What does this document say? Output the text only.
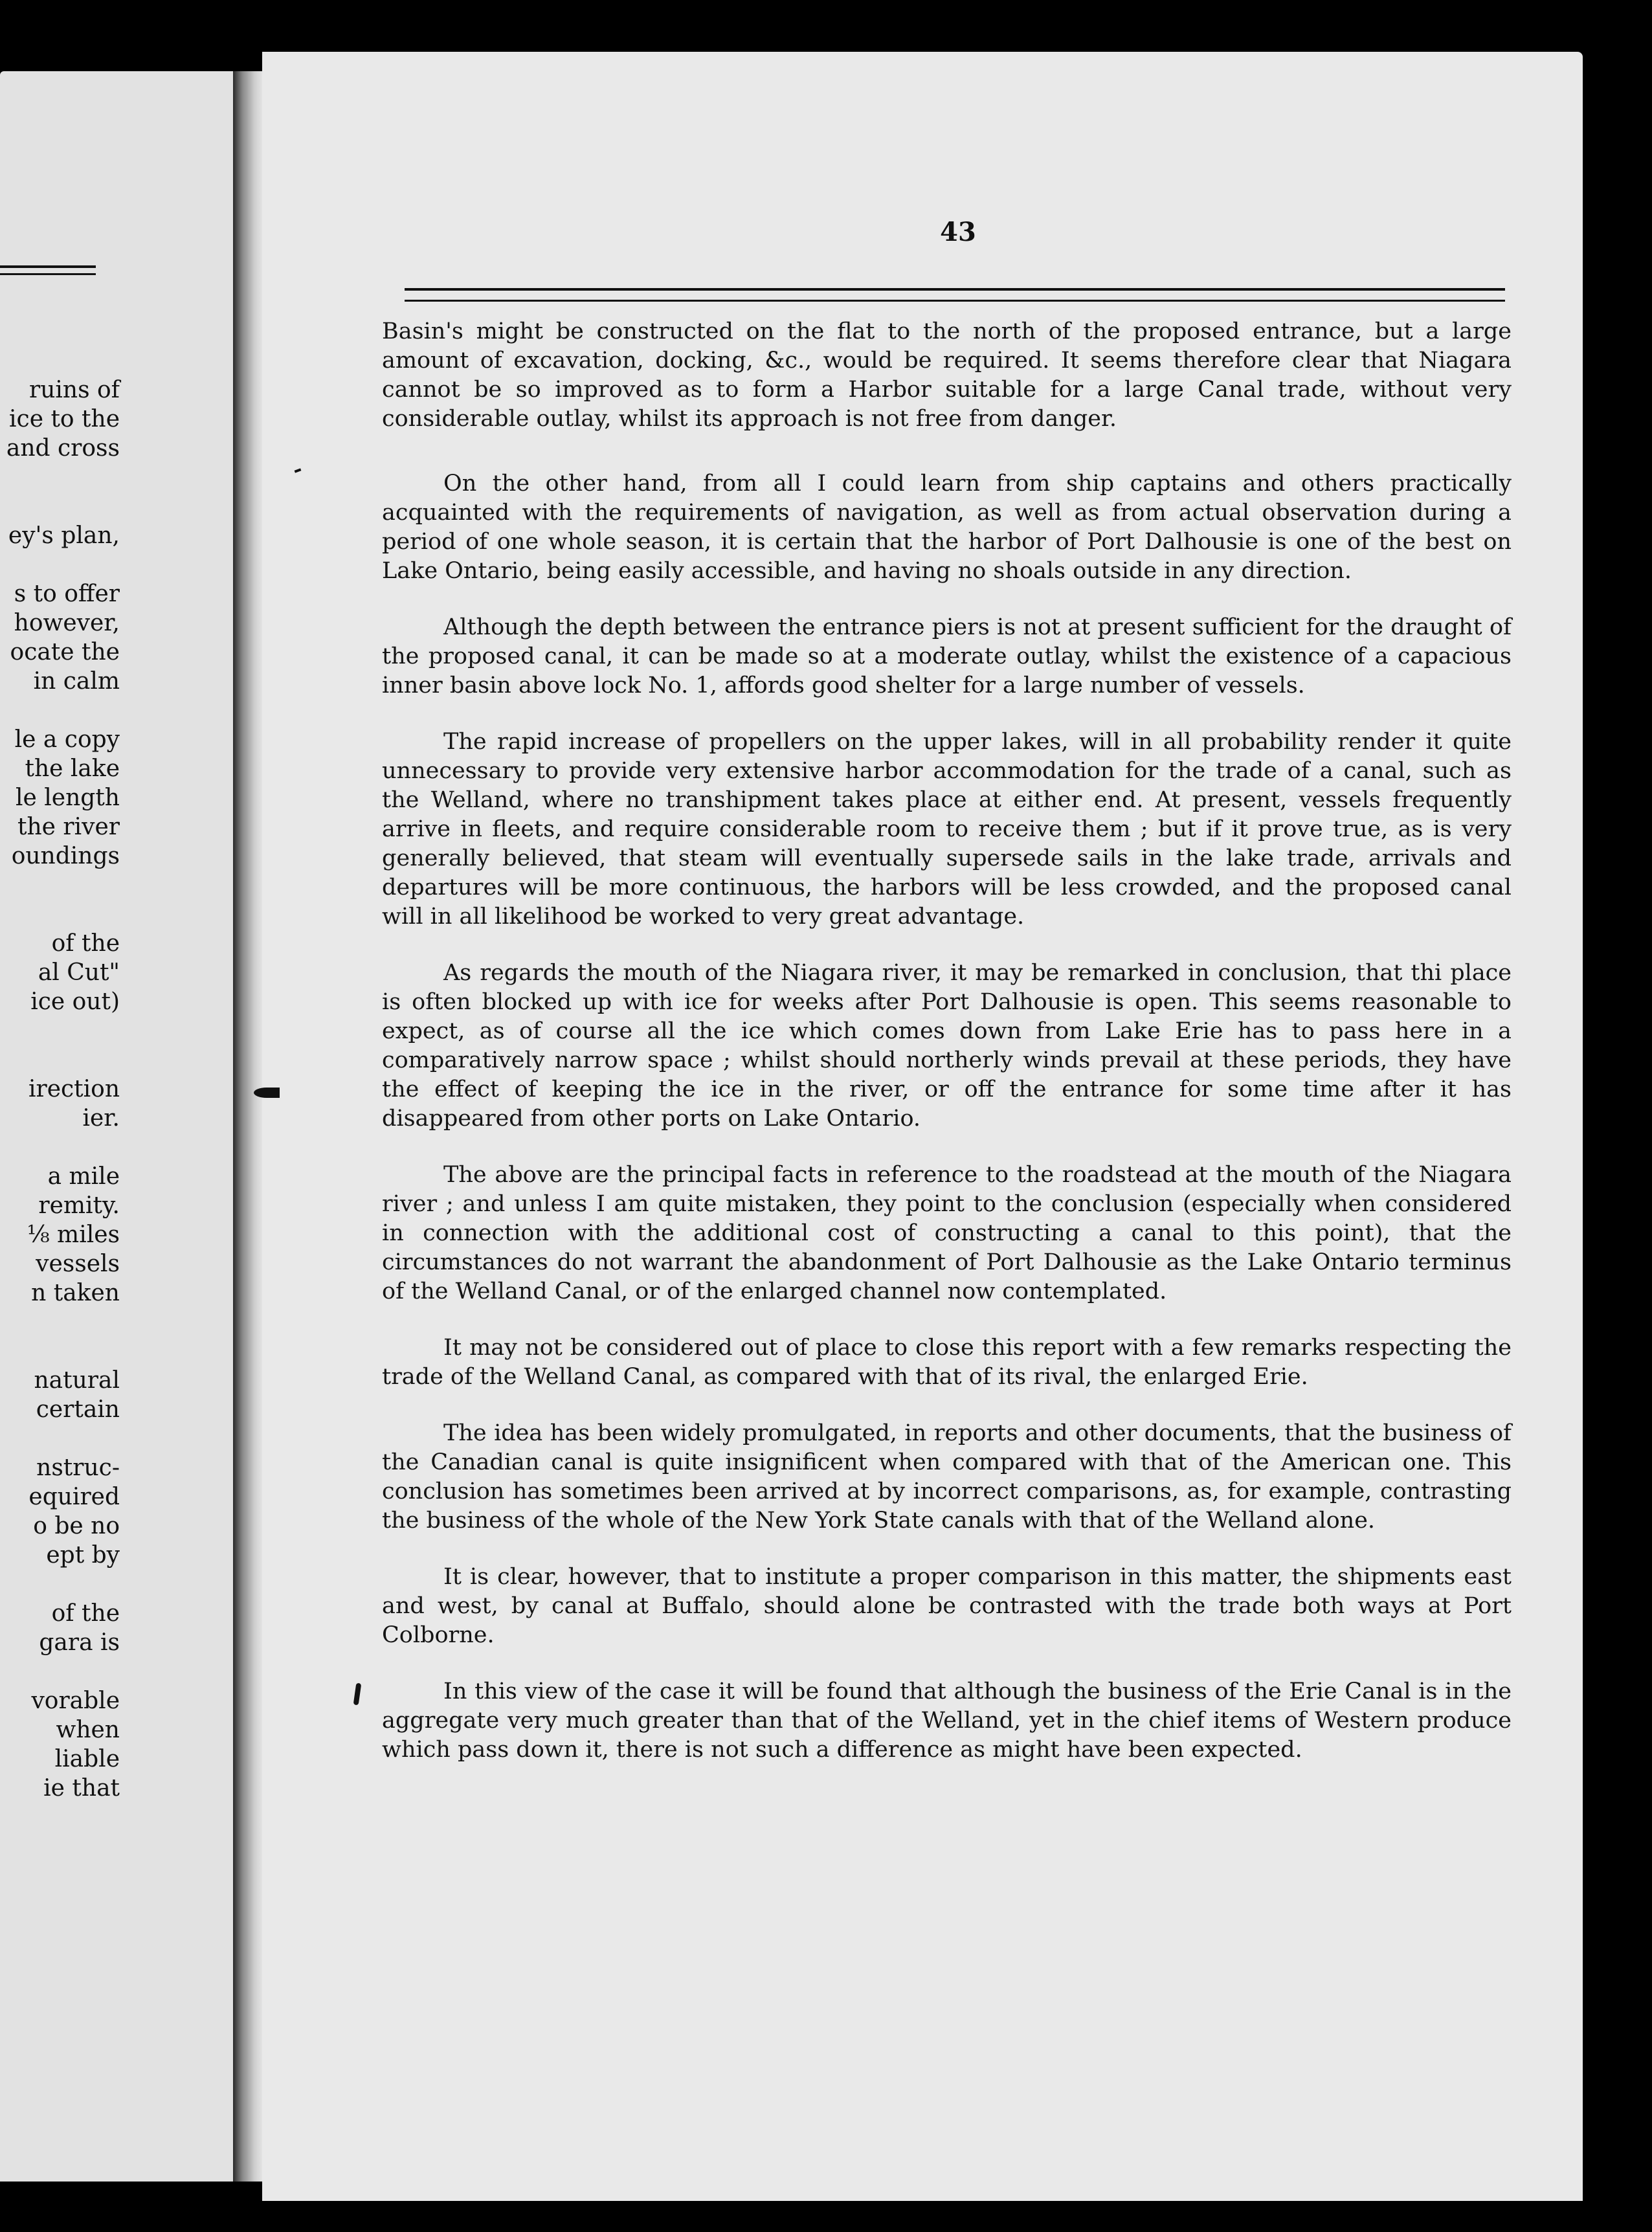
ruins of
ice to the
and cross
ey's plan,
s to offer
however,
ocate the
in calm
le a copy
the lake
le length
the river
oundings
of the
al Cut"
ice out)
irection
ier.
a mile
remity.
⅛ miles
vessels
n taken
natural
certain
nstruc-
equired
o be no
ept by
of the
gara is
vorable
when
liable
ie that
43

Basin's might be constructed on the flat to the north of the proposed entrance, but a large amount of excavation, docking, &c., would be required. It seems therefore clear that Niagara cannot be so improved as to form a Harbor suitable for a large Canal trade, without very considerable outlay, whilst its approach is not free from danger.

On the other hand, from all I could learn from ship captains and others practically acquainted with the requirements of navigation, as well as from actual observation during a period of one whole season, it is certain that the harbor of Port Dalhousie is one of the best on Lake Ontario, being easily accessible, and having no shoals outside in any direction.

Although the depth between the entrance piers is not at present sufficient for the draught of the proposed canal, it can be made so at a moderate outlay, whilst the existence of a capacious inner basin above lock No. 1, affords good shelter for a large number of vessels.

The rapid increase of propellers on the upper lakes, will in all probability render it quite unnecessary to provide very extensive harbor accommodation for the trade of a canal, such as the Welland, where no transhipment takes place at either end. At present, vessels frequently arrive in fleets, and require considerable room to receive them ; but if it prove true, as is very generally believed, that steam will eventually supersede sails in the lake trade, arrivals and departures will be more continuous, the harbors will be less crowded, and the proposed canal will in all likelihood be worked to very great advantage.

As regards the mouth of the Niagara river, it may be remarked in conclusion, that thi place is often blocked up with ice for weeks after Port Dalhousie is open. This seems reasonable to expect, as of course all the ice which comes down from Lake Erie has to pass here in a comparatively narrow space ; whilst should northerly winds prevail at these periods, they have the effect of keeping the ice in the river, or off the entrance for some time after it has disappeared from other ports on Lake Ontario.

The above are the principal facts in reference to the roadstead at the mouth of the Niagara river ; and unless I am quite mistaken, they point to the conclusion (especially when considered in connection with the additional cost of constructing a canal to this point), that the circumstances do not warrant the abandonment of Port Dalhousie as the Lake Ontario terminus of the Welland Canal, or of the enlarged channel now contemplated.

It may not be considered out of place to close this report with a few remarks respecting the trade of the Welland Canal, as compared with that of its rival, the enlarged Erie.

The idea has been widely promulgated, in reports and other documents, that the business of the Canadian canal is quite insignificent when compared with that of the American one. This conclusion has sometimes been arrived at by incorrect comparisons, as, for example, contrasting the business of the whole of the New York State canals with that of the Welland alone.

It is clear, however, that to institute a proper comparison in this matter, the shipments east and west, by canal at Buffalo, should alone be contrasted with the trade both ways at Port Colborne.

In this view of the case it will be found that although the business of the Erie Canal is in the aggregate very much greater than that of the Welland, yet in the chief items of Western produce which pass down it, there is not such a difference as might have been expected.
